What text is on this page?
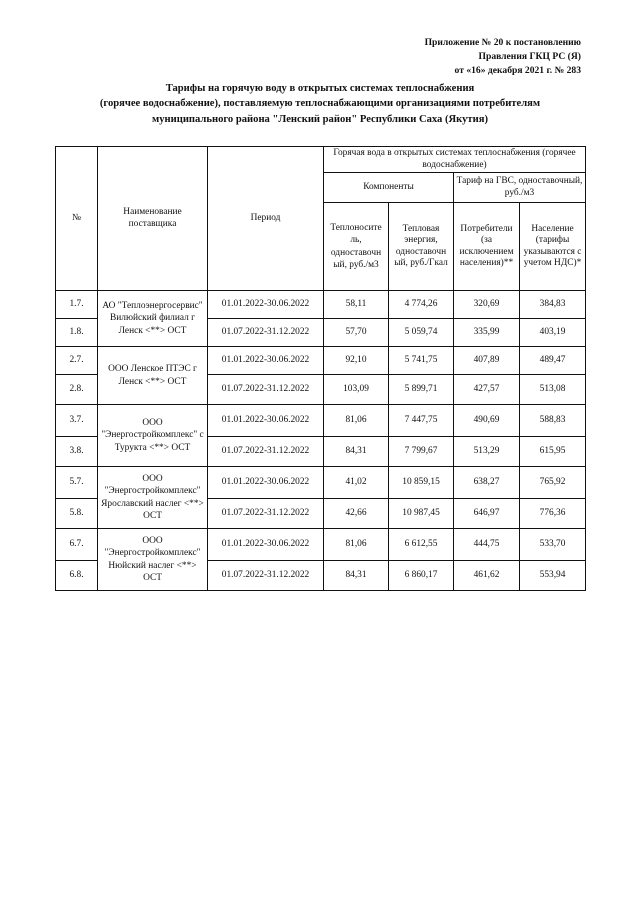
Приложение № 20 к постановлению
Правления ГКЦ РС (Я)
от «16» декабря 2021 г. № 283
Тарифы на горячую воду в открытых системах теплоснабжения
(горячее водоснабжение), поставляемую теплоснабжающими организациями потребителям
муниципального района "Ленский район" Республики Саха (Якутия)
№	Наименование поставщика	Период	Горячая вода в открытых системах теплоснабжения (горячее водоснабжение)			
			Компоненты		Тариф на ГВС, одноставочный, руб./м3	
			Теплоносите ль, одноставочн ый, руб./м3	Тепловая энергия, одноставочн ый, руб./Гкал	Потребители (за исключением населения)**	Население (тарифы указываются с учетом НДС)*
1.7.	АО "Теплоэнергосервис" Вилюйский филиал г Ленск <**> ОСТ	01.01.2022-30.06.2022	58,11	4 774,26	320,69	384,83
1.8.		01.07.2022-31.12.2022	57,70	5 059,74	335,99	403,19
2.7.	ООО Ленское ПТЭС г Ленск <**> ОСТ	01.01.2022-30.06.2022	92,10	5 741,75	407,89	489,47
2.8.		01.07.2022-31.12.2022	103,09	5 899,71	427,57	513,08
3.7.	ООО "Энергостройкомплекс" с Турукта <**> ОСТ	01.01.2022-30.06.2022	81,06	7 447,75	490,69	588,83
3.8.		01.07.2022-31.12.2022	84,31	7 799,67	513,29	615,95
5.7.	ООО "Энергостройкомплекс" Ярославский наслег <**> ОСТ	01.01.2022-30.06.2022	41,02	10 859,15	638,27	765,92
5.8.		01.07.2022-31.12.2022	42,66	10 987,45	646,97	776,36
6.7.	ООО "Энергостройкомплекс" Нюйский наслег <**> ОСТ	01.01.2022-30.06.2022	81,06	6 612,55	444,75	533,70
6.8.		01.07.2022-31.12.2022	84,31	6 860,17	461,62	553,94
